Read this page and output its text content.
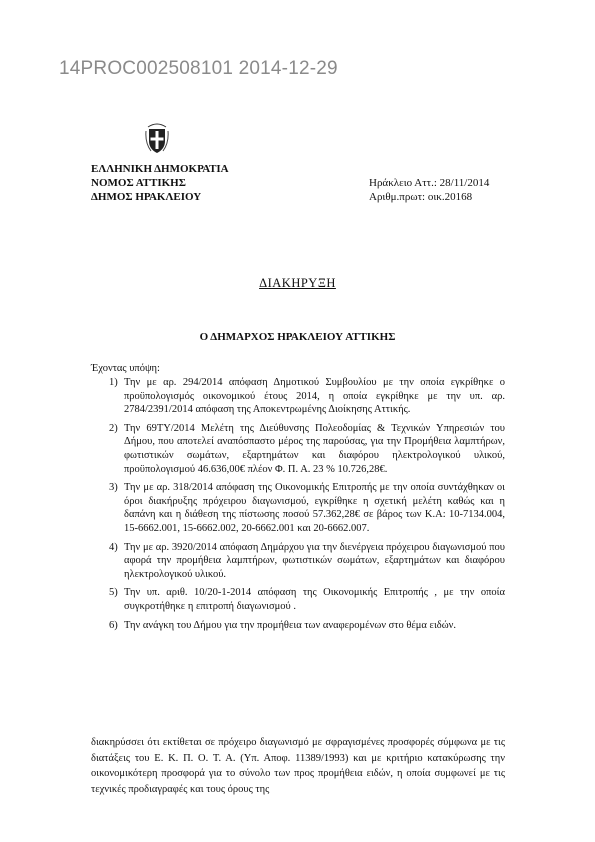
14PROC002508101 2014-12-29
ΕΛΛΗΝΙΚΗ ΔΗΜΟΚΡΑΤΙΑ
ΝΟΜΟΣ ΑΤΤΙΚΗΣ
ΔΗΜΟΣ ΗΡΑΚΛΕΙΟΥ
Ηράκλειο Αττ.: 28/11/2014
Αριθμ.πρωτ: οικ.20168
ΔΙΑΚΗΡΥΞΗ
Ο ΔΗΜΑΡΧΟΣ ΗΡΑΚΛΕΙΟΥ ΑΤΤΙΚΗΣ
Έχοντας υπόψη:
1) Την με αρ. 294/2014 απόφαση Δημοτικού Συμβουλίου με την οποία εγκρίθηκε ο προϋπολογισμός οικονομικού έτους 2014, η οποία εγκρίθηκε με την υπ. αρ. 2784/2391/2014 απόφαση της Αποκεντρωμένης Διοίκησης Αττικής.
2) Την 69ΤΥ/2014 Μελέτη της Διεύθυνσης Πολεοδομίας & Τεχνικών Υπηρεσιών του Δήμου, που αποτελεί αναπόσπαστο μέρος της παρούσας, για την Προμήθεια λαμπτήρων, φωτιστικών σωμάτων, εξαρτημάτων και διαφόρου ηλεκτρολογικού υλικού, προϋπολογισμού 46.636,00€ πλέον Φ. Π. Α. 23 % 10.726,28€.
3) Την με αρ. 318/2014 απόφαση της Οικονομικής Επιτροπής με την οποία συντάχθηκαν οι όροι διακήρυξης πρόχειρου διαγωνισμού, εγκρίθηκε η σχετική μελέτη καθώς και η δαπάνη και η διάθεση της πίστωσης ποσού 57.362,28€ σε βάρος των Κ.Α: 10-7134.004, 15-6662.001, 15-6662.002, 20-6662.001 και 20-6662.007.
4) Την με αρ. 3920/2014 απόφαση Δημάρχου για την διενέργεια πρόχειρου διαγωνισμού που αφορά την προμήθεια λαμπτήρων, φωτιστικών σωμάτων, εξαρτημάτων και διαφόρου ηλεκτρολογικού υλικού.
5) Την υπ. αριθ. 10/20-1-2014 απόφαση της Οικονομικής Επιτροπής , με την οποία συγκροτήθηκε η επιτροπή διαγωνισμού .
6) Την ανάγκη του Δήμου για την προμήθεια των αναφερομένων στο θέμα ειδών.
διακηρύσσει ότι εκτίθεται σε πρόχειρο διαγωνισμό με σφραγισμένες προσφορές σύμφωνα με τις διατάξεις του Ε. Κ. Π. Ο. Τ. Α. (Υπ. Αποφ. 11389/1993) και με κριτήριο κατακύρωσης την οικονομικότερη προσφορά για το σύνολο των προς προμήθεια ειδών, η οποία συμφωνεί με τις τεχνικές προδιαγραφές και τους όρους της
